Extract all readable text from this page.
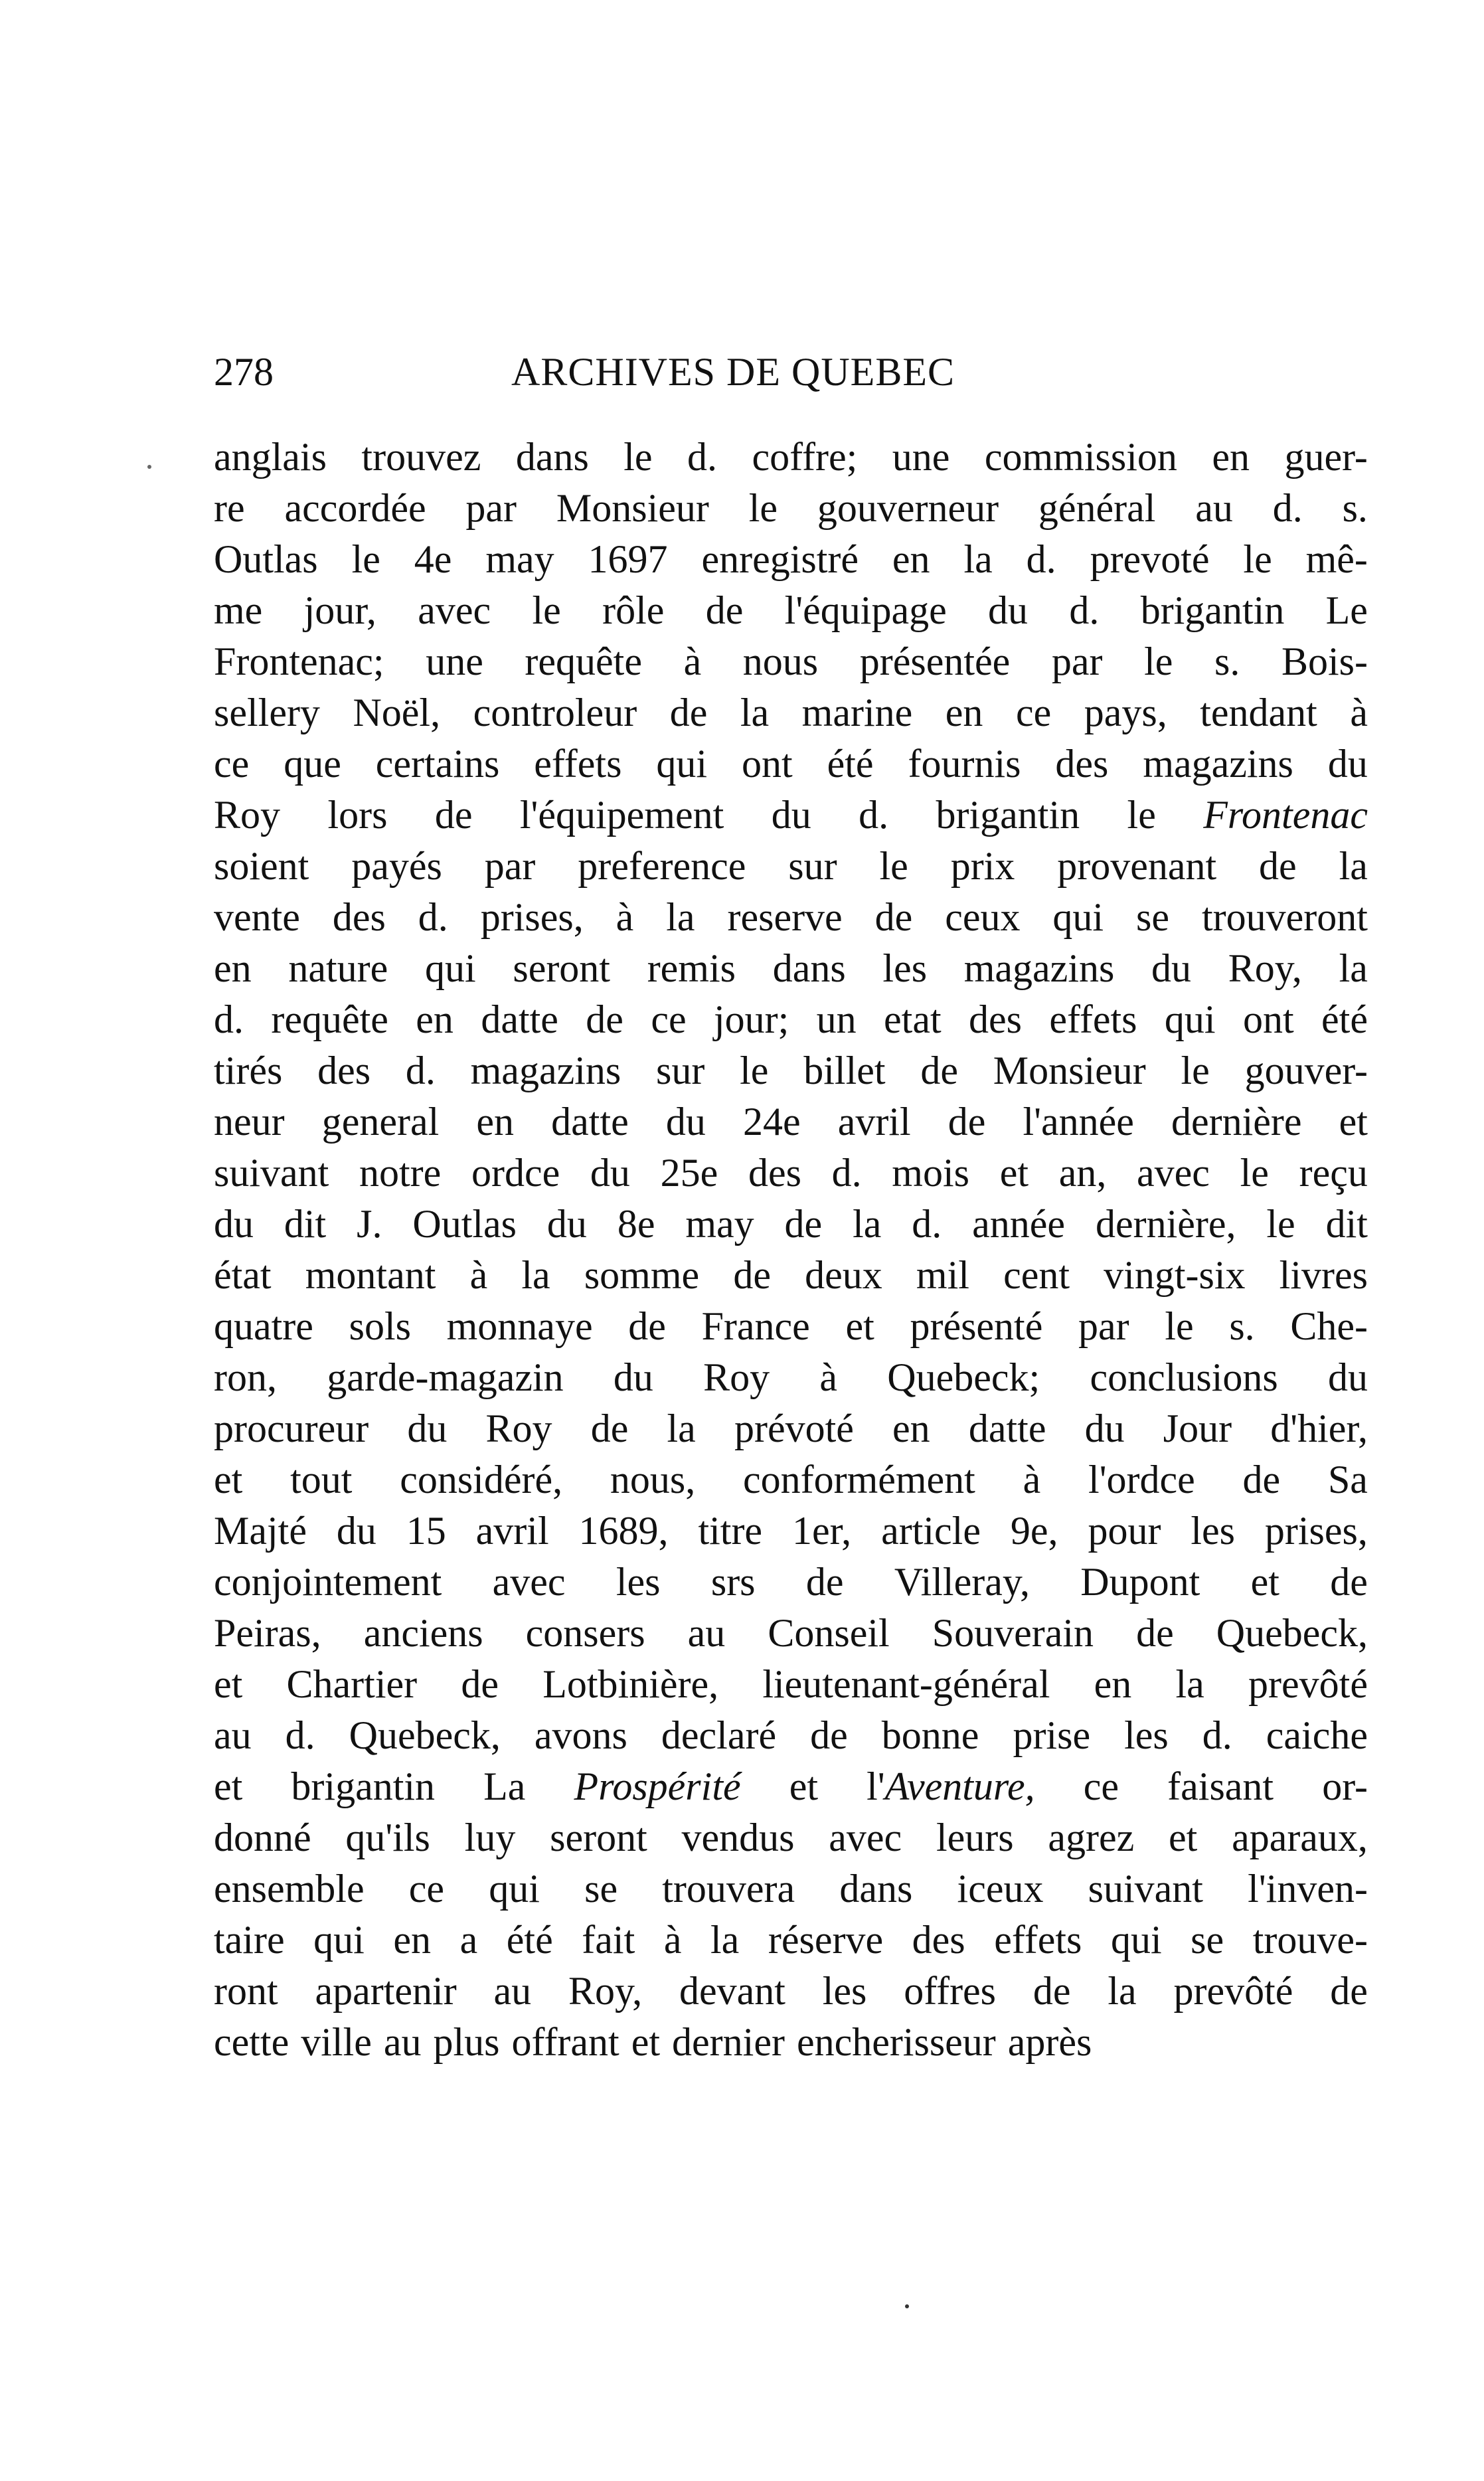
278	ARCHIVES DE QUEBEC
anglais trouvez dans le d. coffre; une commission en guer-
re accordée par Monsieur le gouverneur général au d. s.
Outlas le 4e may 1697 enregistré en la d. prevoté le mê-
me jour, avec le rôle de l'équipage du d. brigantin Le
Frontenac; une requête à nous présentée par le s. Bois-
sellery Noël, controleur de la marine en ce pays, tendant à
ce que certains effets qui ont été fournis des magazins du
Roy lors de l'équipement du d. brigantin le Frontenac
soient payés par preference sur le prix provenant de la
vente des d. prises, à la reserve de ceux qui se trouveront
en nature qui seront remis dans les magazins du Roy, la
d. requête en datte de ce jour; un etat des effets qui ont été
tirés des d. magazins sur le billet de Monsieur le gouver-
neur general en datte du 24e avril de l'année dernière et
suivant notre ordce du 25e des d. mois et an, avec le reçu
du dit J. Outlas du 8e may de la d. année dernière, le dit
état montant à la somme de deux mil cent vingt-six livres
quatre sols monnaye de France et présenté par le s. Che-
ron, garde-magazin du Roy à Quebeck; conclusions du
procureur du Roy de la prévoté en datte du Jour d'hier,
et tout considéré, nous, conformément à l'ordce de Sa
Majté du 15 avril 1689, titre 1er, article 9e, pour les prises,
conjointement avec les srs de Villeray, Dupont et de
Peiras, anciens consers au Conseil Souverain de Quebeck,
et Chartier de Lotbinière, lieutenant-général en la prevôté
au d. Quebeck, avons declaré de bonne prise les d. caiche
et brigantin La Prospérité et l'Aventure, ce faisant or-
donné qu'ils luy seront vendus avec leurs agrez et aparaux,
ensemble ce qui se trouvera dans iceux suivant l'inven-
taire qui en a été fait à la réserve des effets qui se trouve-
ront apartenir au Roy, devant les offres de la prevôté de
cette ville au plus offrant et dernier encherisseur après
